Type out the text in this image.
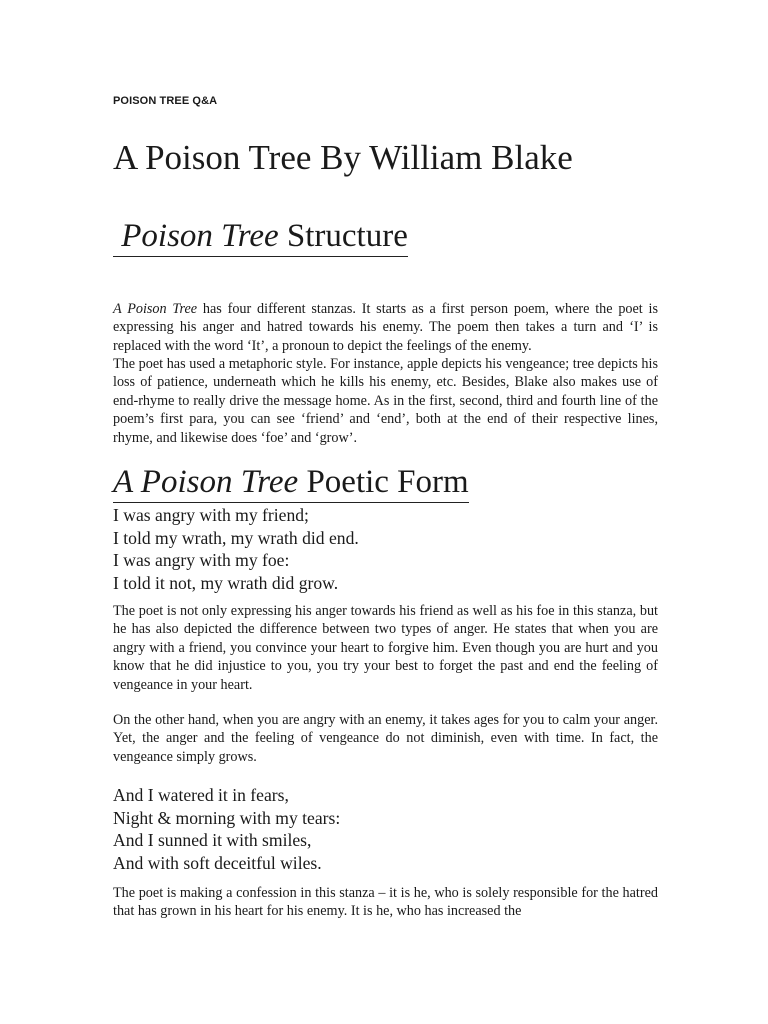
POISON TREE Q&A
A Poison Tree By William Blake
Poison Tree Structure

A Poison Tree has four different stanzas. It starts as a first person poem, where the poet is expressing his anger and hatred towards his enemy. The poem then takes a turn and ‘I’ is replaced with the word ‘It’, a pronoun to depict the feelings of the enemy.

The poet has used a metaphoric style. For instance, apple depicts his vengeance; tree depicts his loss of patience, underneath which he kills his enemy, etc. Besides, Blake also makes use of end-rhyme to really drive the message home. As in the first, second, third and fourth line of the poem’s first para, you can see ‘friend’ and ‘end’, both at the end of their respective lines, rhyme, and likewise does ‘foe’ and ‘grow’.

A Poison Tree Poetic Form
I was angry with my friend;
I told my wrath, my wrath did end.
I was angry with my foe:
I told it not, my wrath did grow.

The poet is not only expressing his anger towards his friend as well as his foe in this stanza, but he has also depicted the difference between two types of anger. He states that when you are angry with a friend, you convince your heart to forgive him. Even though you are hurt and you know that he did injustice to you, you try your best to forget the past and end the feeling of vengeance in your heart.

On the other hand, when you are angry with an enemy, it takes ages for you to calm your anger. Yet, the anger and the feeling of vengeance do not diminish, even with time. In fact, the vengeance simply grows.

And I watered it in fears,
Night & morning with my tears:
And I sunned it with smiles,
And with soft deceitful wiles.

The poet is making a confession in this stanza – it is he, who is solely responsible for the hatred that has grown in his heart for his enemy. It is he, who has increased the
